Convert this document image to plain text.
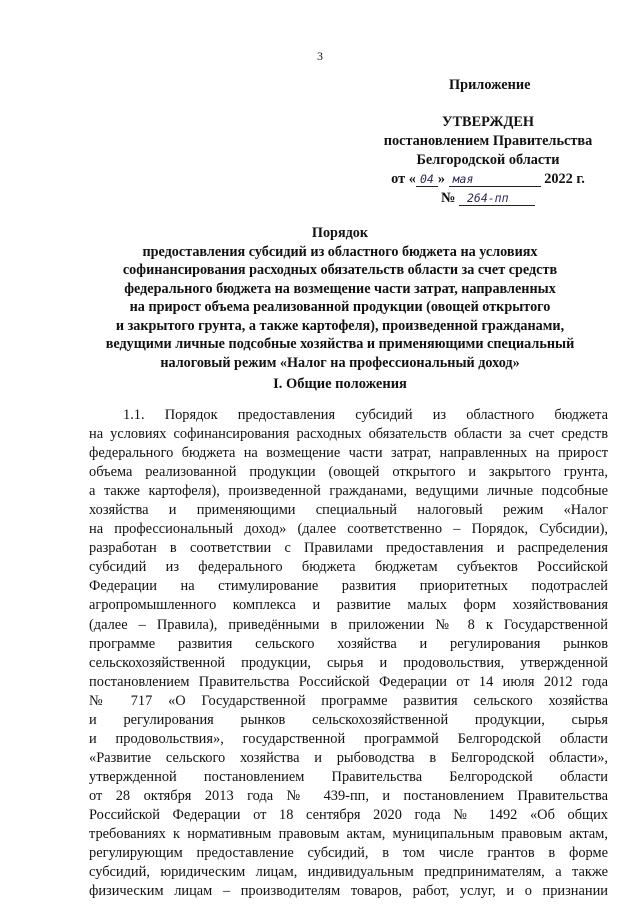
3
Приложение
УТВЕРЖДЕН
постановлением Правительства
Белгородской области
от « 04 » мая	2022 г.
№ 264-пп
Порядок
предоставления субсидий из областного бюджета на условиях
софинансирования расходных обязательств области за счет средств
федерального бюджета на возмещение части затрат, направленных
на прирост объема реализованной продукции (овощей открытого
и закрытого грунта, а также картофеля), произведенной гражданами,
ведущими личные подсобные хозяйства и применяющими специальный
налоговый режим «Налог на профессиональный доход»
I. Общие положения
1.1. Порядок предоставления субсидий из областного бюджета
на условиях софинансирования расходных обязательств области за счет средств
федерального бюджета на возмещение части затрат, направленных на прирост
объема реализованной продукции (овощей открытого и закрытого грунта,
а также картофеля), произведенной гражданами, ведущими личные подсобные
хозяйства и применяющими специальный налоговый режим «Налог
на профессиональный доход» (далее соответственно – Порядок, Субсидии),
разработан в соответствии с Правилами предоставления и распределения
субсидий из федерального бюджета бюджетам субъектов Российской
Федерации на стимулирование развития приоритетных подотраслей
агропромышленного комплекса и развитие малых форм хозяйствования
(далее – Правила), приведёнными в приложении № 8 к Государственной
программе развития сельского хозяйства и регулирования рынков
сельскохозяйственной продукции, сырья и продовольствия, утвержденной
постановлением Правительства Российской Федерации от 14 июля 2012 года
№ 717 «О Государственной программе развития сельского хозяйства
и регулирования рынков сельскохозяйственной продукции, сырья
и продовольствия», государственной программой Белгородской области
«Развитие сельского хозяйства и рыбоводства в Белгородской области»,
утвержденной постановлением Правительства Белгородской области
от 28 октября 2013 года № 439-пп, и постановлением Правительства
Российской Федерации от 18 сентября 2020 года № 1492 «Об общих
требованиях к нормативным правовым актам, муниципальным правовым актам,
регулирующим предоставление субсидий, в том числе грантов в форме
субсидий, юридическим лицам, индивидуальным предпринимателям, а также
физическим лицам – производителям товаров, работ, услуг, и о признании
